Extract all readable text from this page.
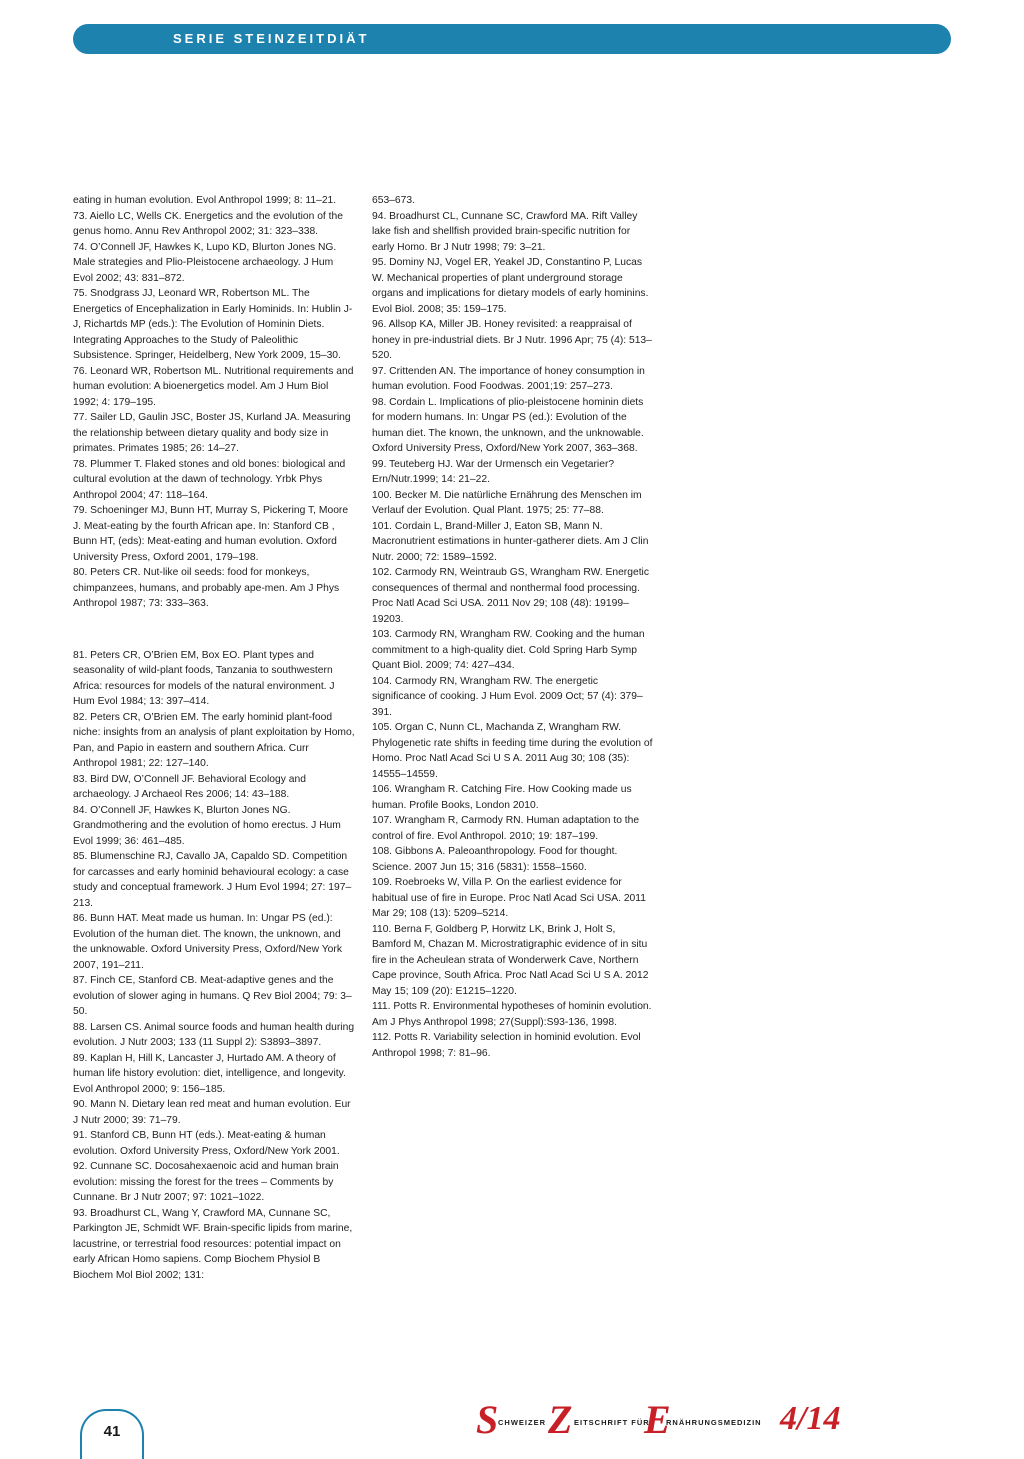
SERIE STEINZEITDIÄT

eating in human evolution. Evol Anthropol 1999; 8: 11–21.

73. Aiello LC, Wells CK. Energetics and the evolution of the genus homo. Annu Rev Anthropol 2002; 31: 323–338.

74. O’Connell JF, Hawkes K, Lupo KD, Blurton Jones NG. Male strategies and Plio-Pleistocene archaeology. J Hum Evol 2002; 43: 831–872.

75. Snodgrass JJ, Leonard WR, Robertson ML. The Energetics of Encephalization in Early Hominids. In: Hublin J-J, Richartds MP (eds.): The Evolution of Hominin Diets. Integrating Approaches to the Study of Paleolithic Subsistence. Springer, Heidelberg, New York 2009, 15–30.

76. Leonard WR, Robertson ML. Nutritional requirements and human evolution: A bioenergetics model. Am J Hum Biol 1992; 4: 179–195.

77. Sailer LD, Gaulin JSC, Boster JS, Kurland JA. Measuring the relationship between dietary quality and body size in primates. Primates 1985; 26: 14–27.

78. Plummer T. Flaked stones and old bones: biological and cultural evolution at the dawn of technology. Yrbk Phys Anthropol 2004; 47: 118–164.

79. Schoeninger MJ, Bunn HT, Murray S, Pickering T, Moore J. Meat-eating by the fourth African ape. In: Stanford CB , Bunn HT, (eds): Meat-eating and human evolution. Oxford University Press, Oxford 2001, 179–198.

80. Peters CR. Nut-like oil seeds: food for monkeys, chimpanzees, humans, and probably ape-men. Am J Phys Anthropol 1987; 73: 333–363.

81. Peters CR, O’Brien EM, Box EO. Plant types and seasonality of wild-plant foods, Tanzania to southwestern Africa: resources for models of the natural environment. J Hum Evol 1984; 13: 397–414.

82. Peters CR, O’Brien EM. The early hominid plant-food niche: insights from an analysis of plant exploitation by Homo, Pan, and Papio in eastern and southern Africa. Curr Anthropol 1981; 22: 127–140.

83. Bird DW, O’Connell JF. Behavioral Ecology and archaeology. J Archaeol Res 2006; 14: 43–188.

84. O’Connell JF, Hawkes K, Blurton Jones NG. Grandmothering and the evolution of homo erectus. J Hum Evol 1999; 36: 461–485.

85. Blumenschine RJ, Cavallo JA, Capaldo SD. Competition for carcasses and early hominid behavioural ecology: a case study and conceptual framework. J Hum Evol 1994; 27: 197–213.

86. Bunn HAT. Meat made us human. In: Ungar PS (ed.): Evolution of the human diet. The known, the unknown, and the unknowable. Oxford University Press, Oxford/New York 2007, 191–211.

87. Finch CE, Stanford CB. Meat-adaptive genes and the evolution of slower aging in humans. Q Rev Biol 2004; 79: 3–50.

88. Larsen CS. Animal source foods and human health during evolution. J Nutr 2003; 133 (11 Suppl 2): S3893–3897.

89. Kaplan H, Hill K, Lancaster J, Hurtado AM. A theory of human life history evolution: diet, intelligence, and longevity. Evol Anthropol 2000; 9: 156–185.

90. Mann N. Dietary lean red meat and human evolution. Eur J Nutr 2000; 39: 71–79.

91. Stanford CB, Bunn HT (eds.). Meat-eating & human evolution. Oxford University Press, Oxford/New York 2001.

92. Cunnane SC. Docosahexaenoic acid and human brain evolution: missing the forest for the trees – Comments by Cunnane. Br J Nutr 2007; 97: 1021–1022.

93. Broadhurst CL, Wang Y, Crawford MA, Cunnane SC, Parkington JE, Schmidt WF. Brain-specific lipids from marine, lacustrine, or terrestrial food resources: potential impact on early African Homo sapiens. Comp Biochem Physiol B Biochem Mol Biol 2002; 131:

653–673.

94. Broadhurst CL, Cunnane SC, Crawford MA. Rift Valley lake fish and shellfish provided brain-specific nutrition for early Homo. Br J Nutr 1998; 79: 3–21.

95. Dominy NJ, Vogel ER, Yeakel JD, Constantino P, Lucas W. Mechanical properties of plant underground storage organs and implications for dietary models of early hominins. Evol Biol. 2008; 35: 159–175.

96. Allsop KA, Miller JB. Honey revisited: a reappraisal of honey in pre-industrial diets. Br J Nutr. 1996 Apr; 75 (4): 513–520.

97. Crittenden AN. The importance of honey consumption in human evolution. Food Foodwas. 2001;19: 257–273.

98. Cordain L. Implications of plio-pleistocene hominin diets for modern humans. In: Ungar PS (ed.): Evolution of the human diet. The known, the unknown, and the unknowable. Oxford University Press, Oxford/New York 2007, 363–368.

99. Teuteberg HJ. War der Urmensch ein Vegetarier? Ern/Nutr.1999; 14: 21–22.

100. Becker M. Die natürliche Ernährung des Menschen im Verlauf der Evolution. Qual Plant. 1975; 25: 77–88.

101. Cordain L, Brand-Miller J, Eaton SB, Mann N. Macronutrient estimations in hunter-gatherer diets. Am J Clin Nutr. 2000; 72: 1589–1592.

102. Carmody RN, Weintraub GS, Wrangham RW. Energetic consequences of thermal and nonthermal food processing. Proc Natl Acad Sci USA. 2011 Nov 29; 108 (48): 19199–19203.

103. Carmody RN, Wrangham RW. Cooking and the human commitment to a high-quality diet. Cold Spring Harb Symp Quant Biol. 2009; 74: 427–434.

104. Carmody RN, Wrangham RW. The energetic significance of cooking. J Hum Evol. 2009 Oct; 57 (4): 379–391.

105. Organ C, Nunn CL, Machanda Z, Wrangham RW. Phylogenetic rate shifts in feeding time during the evolution of Homo. Proc Natl Acad Sci U S A. 2011 Aug 30; 108 (35): 14555–14559.

106. Wrangham R. Catching Fire. How Cooking made us human. Profile Books, London 2010.

107. Wrangham R, Carmody RN. Human adaptation to the control of fire. Evol Anthropol. 2010; 19: 187–199.

108. Gibbons A. Paleoanthropology. Food for thought. Science. 2007 Jun 15; 316 (5831): 1558–1560.

109. Roebroeks W, Villa P. On the earliest evidence for habitual use of fire in Europe. Proc Natl Acad Sci USA. 2011 Mar 29; 108 (13): 5209–5214.

110. Berna F, Goldberg P, Horwitz LK, Brink J, Holt S, Bamford M, Chazan M. Microstratigraphic evidence of in situ fire in the Acheulean strata of Wonderwerk Cave, Northern Cape province, South Africa. Proc Natl Acad Sci U S A. 2012 May 15; 109 (20): E1215–1220.

111. Potts R. Environmental hypotheses of hominin evolution. Am J Phys Anthropol 1998; 27(Suppl):S93-136, 1998.

112. Potts R. Variability selection in hominid evolution. Evol Anthropol 1998; 7: 81–96.

41	S CHWEIZER Z EITSCHRIFT FÜR
E
RNÄHRUNGSMEDIZIN 4/14
